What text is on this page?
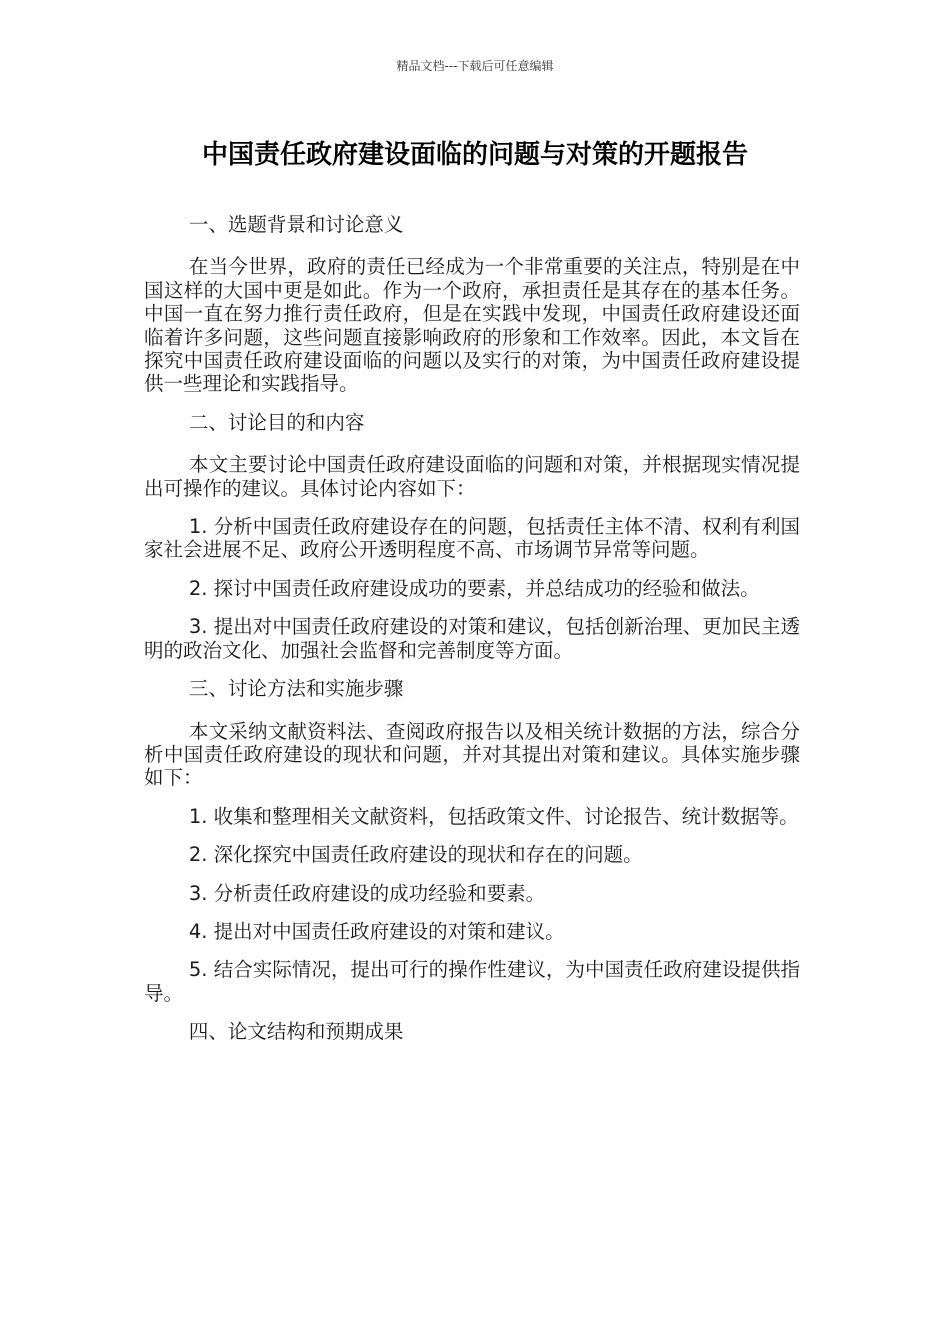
精品文档---下载后可任意编辑
中国责任政府建设面临的问题与对策的开题报告

一、选题背景和讨论意义

在当今世界，政府的责任已经成为一个非常重要的关注点，特别是在中国这样的大国中更是如此。作为一个政府，承担责任是其存在的基本任务。中国一直在努力推行责任政府，但是在实践中发现，中国责任政府建设还面临着许多问题，这些问题直接影响政府的形象和工作效率。因此，本文旨在探究中国责任政府建设面临的问题以及实行的对策，为中国责任政府建设提供一些理论和实践指导。

二、讨论目的和内容

本文主要讨论中国责任政府建设面临的问题和对策，并根据现实情况提出可操作的建议。具体讨论内容如下：

1. 分析中国责任政府建设存在的问题，包括责任主体不清、权利有利国家社会进展不足、政府公开透明程度不高、市场调节异常等问题。

2. 探讨中国责任政府建设成功的要素，并总结成功的经验和做法。

3. 提出对中国责任政府建设的对策和建议，包括创新治理、更加民主透明的政治文化、加强社会监督和完善制度等方面。

三、讨论方法和实施步骤

本文采纳文献资料法、查阅政府报告以及相关统计数据的方法，综合分析中国责任政府建设的现状和问题，并对其提出对策和建议。具体实施步骤如下：

1. 收集和整理相关文献资料，包括政策文件、讨论报告、统计数据等。

2. 深化探究中国责任政府建设的现状和存在的问题。

3. 分析责任政府建设的成功经验和要素。

4. 提出对中国责任政府建设的对策和建议。

5. 结合实际情况，提出可行的操作性建议，为中国责任政府建设提供指导。

四、论文结构和预期成果
